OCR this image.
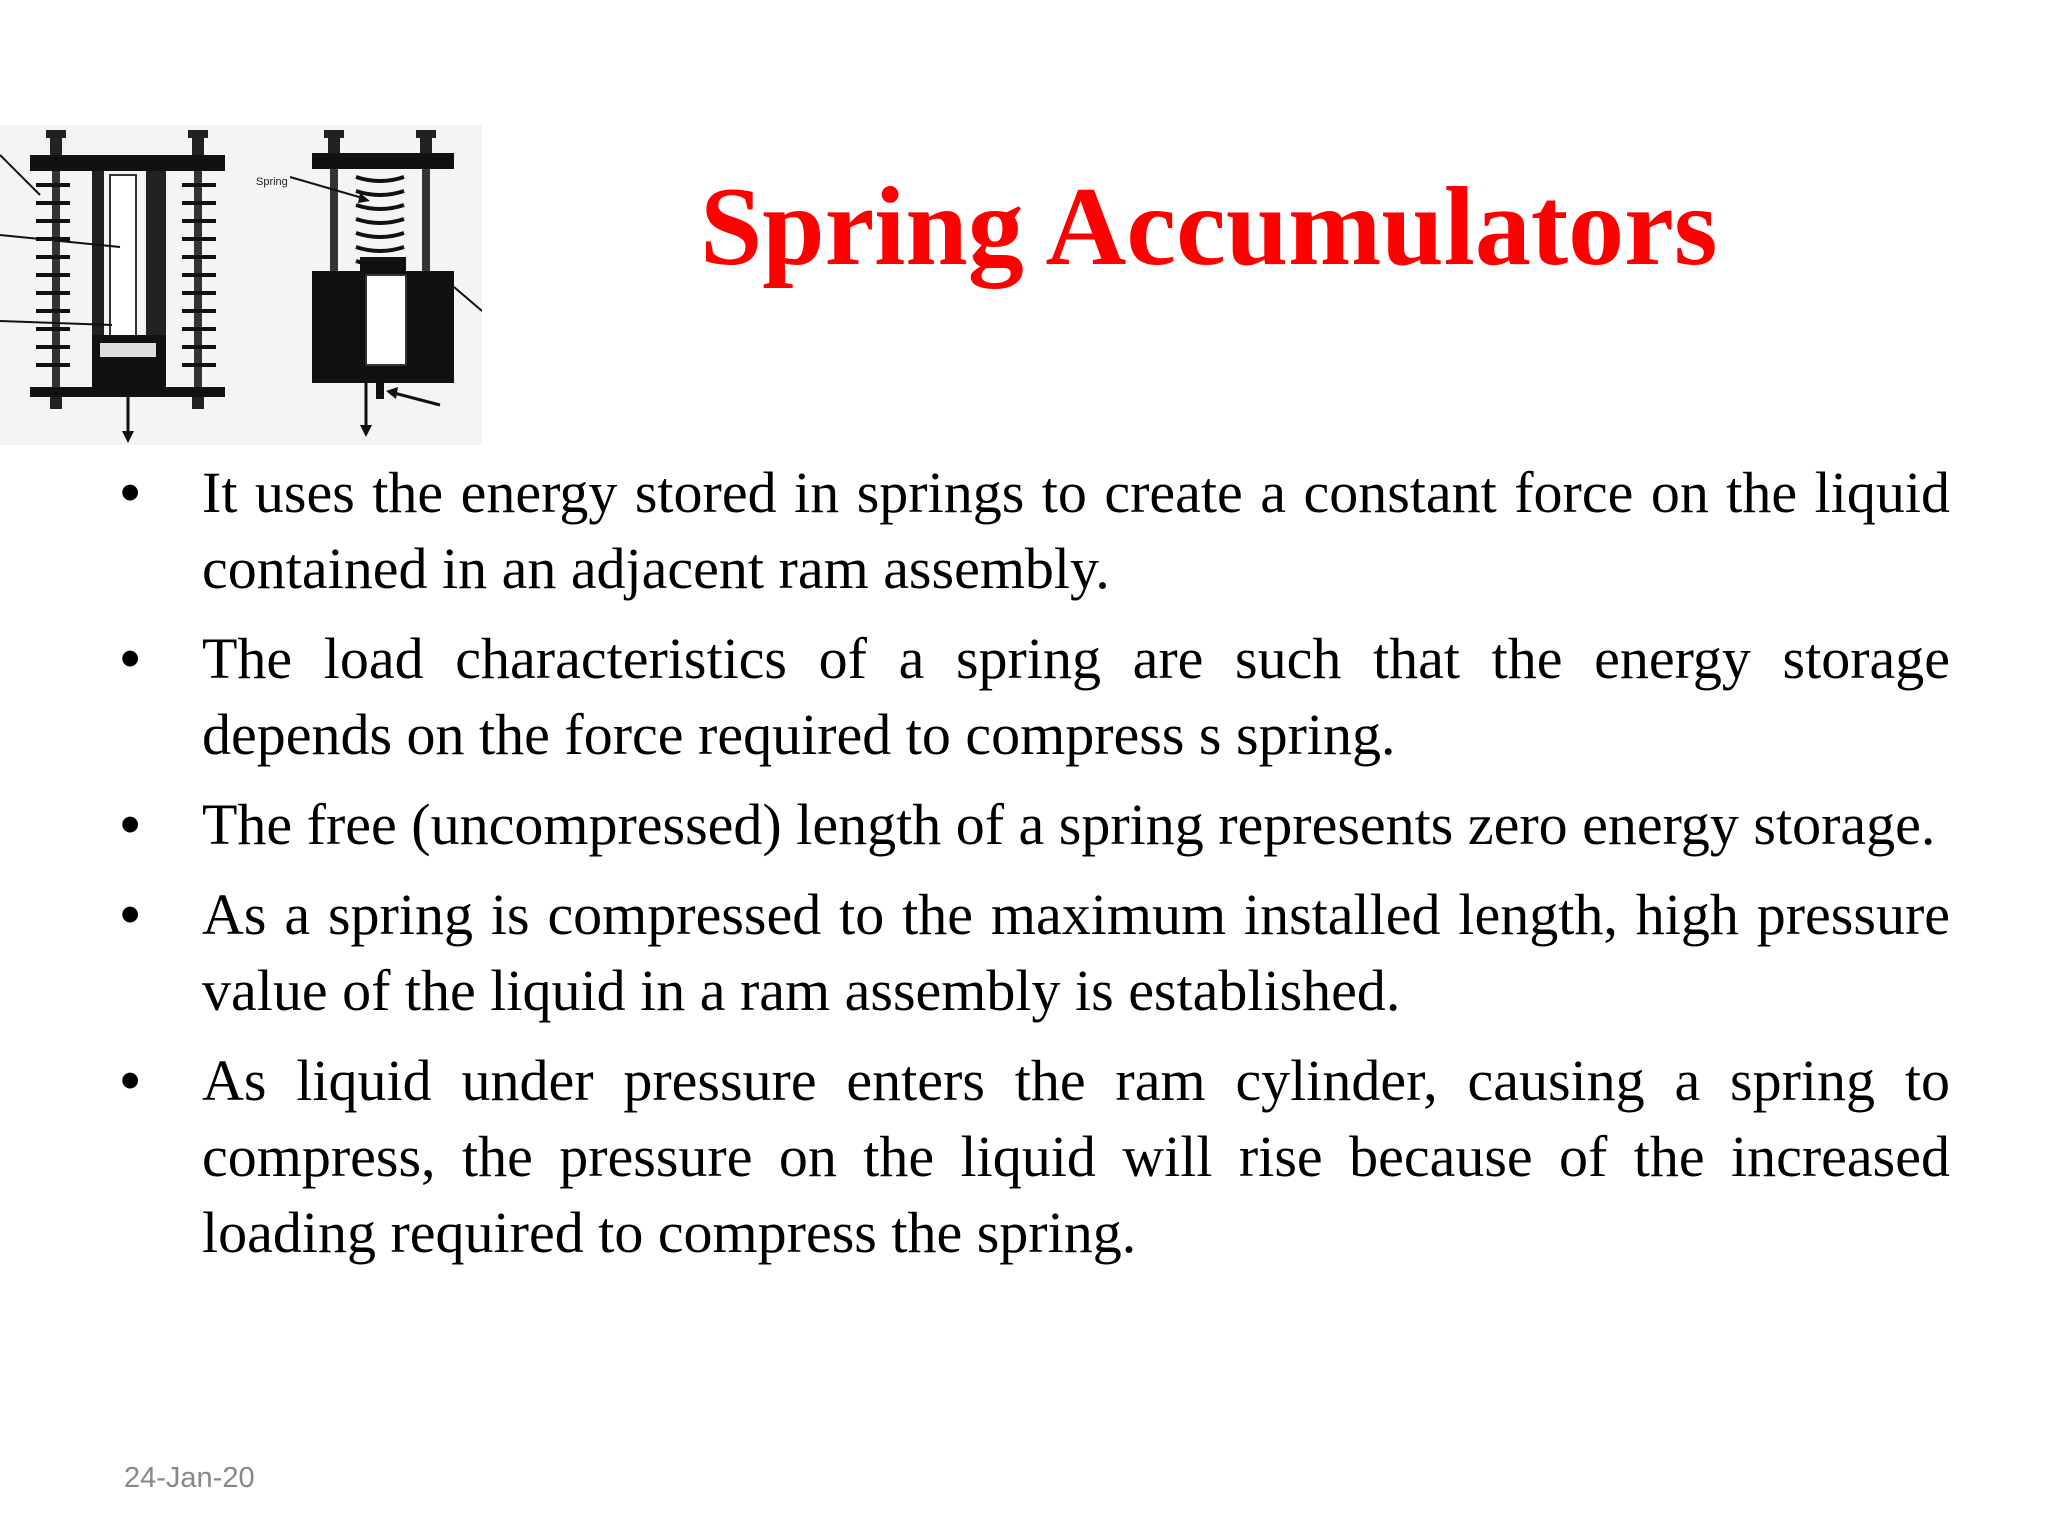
Spring	Spring Accumulators
• It uses the energy stored in springs to create a constant force on the liquid contained in an adjacent ram assembly.
• The load characteristics of a spring are such that the energy storage depends on the force required to compress s spring.
• The free (uncompressed) length of a spring represents zero energy storage.
• As a spring is compressed to the maximum installed length, high pressure value of the liquid in a ram assembly is established.
• As liquid under pressure enters the ram cylinder, causing a spring to compress, the pressure on the liquid will rise because of the increased loading required to compress the spring.
24-Jan-20
